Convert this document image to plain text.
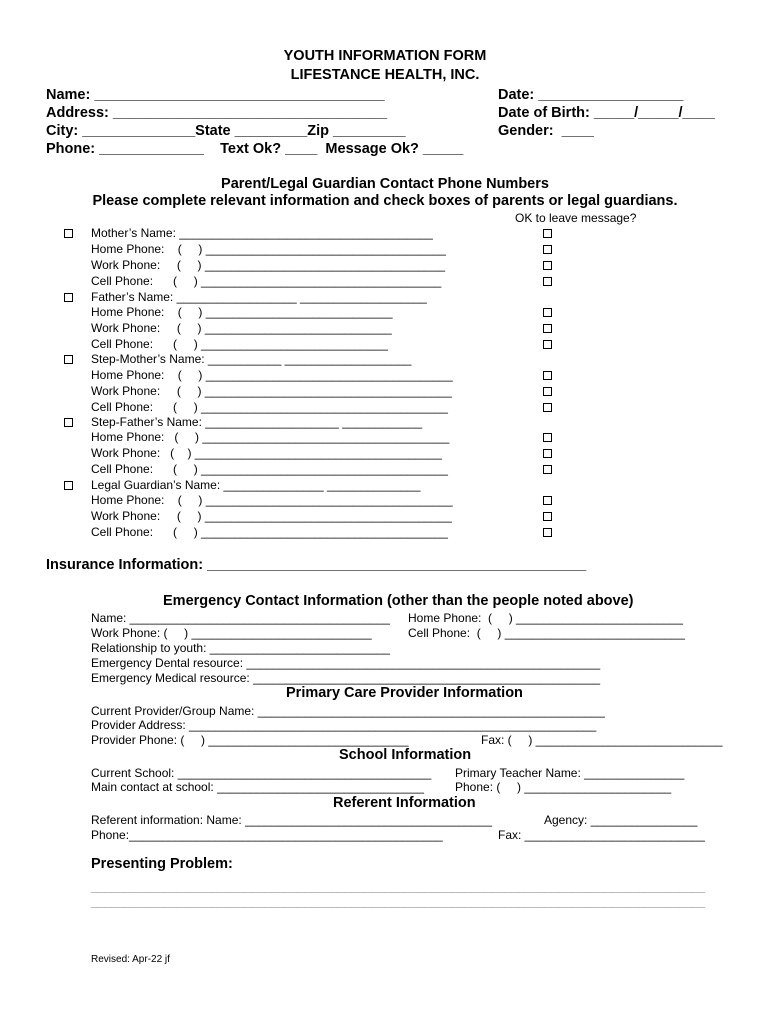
YOUTH INFORMATION FORM
LIFESTANCE HEALTH, INC.
Name: ____________________________________
Address: __________________________________
City: ______________State _________Zip _________
Phone: _____________    Text Ok? ____  Message Ok? _____
Date: __________________
Date of Birth: _____/_____/____
Gender:  ____
Parent/Legal Guardian Contact Phone Numbers
Please complete relevant information and check boxes of parents or legal guardians.
OK to leave message?
Mother’s Name: ______________________________________
Home Phone:    (     ) ____________________________________
Work Phone:     (     ) ____________________________________
Cell Phone:      (     ) ____________________________________
Father’s Name: __________________ ___________________
Home Phone:    (     ) ____________________________
Work Phone:     (     ) ____________________________
Cell Phone:      (     ) ____________________________
Step-Mother’s Name: ___________ ___________________
Home Phone:    (     ) _____________________________________
Work Phone:     (     ) _____________________________________
Cell Phone:      (     ) _____________________________________
Step-Father’s Name: ____________________ ____________
Home Phone:   (     ) _____________________________________
Work Phone:   (    ) _____________________________________
Cell Phone:      (     ) _____________________________________
Legal Guardian’s Name: _______________ ______________
Home Phone:    (     ) _____________________________________
Work Phone:     (     ) _____________________________________
Cell Phone:      (     ) _____________________________________
Insurance Information: _______________________________________________
Emergency Contact Information (other than the people noted above)
Name: _______________________________________ Home Phone:  (     ) _________________________
Work Phone: (     ) ___________________________	Cell Phone:  (     ) ___________________________
Relationship to youth: ___________________________
Emergency Dental resource: _____________________________________________________
Emergency Medical resource: ____________________________________________________
Primary Care Provider Information
Current Provider/Group Name: ____________________________________________________
Provider Address: _____________________________________________________________
Provider Phone: (     ) ______________________________	Fax: (     ) ____________________________
School Information
Current School: ______________________________________ Primary Teacher Name: _______________
Main contact at school: _______________________________	Phone: (     ) ______________________
Referent Information
Referent information: Name: _____________________________________	Agency: ________________
Phone:_______________________________________________	Fax: ___________________________
Presenting Problem:
____________________________________________________________________________________________
____________________________________________________________________________________________
Revised: Apr-22 jf
